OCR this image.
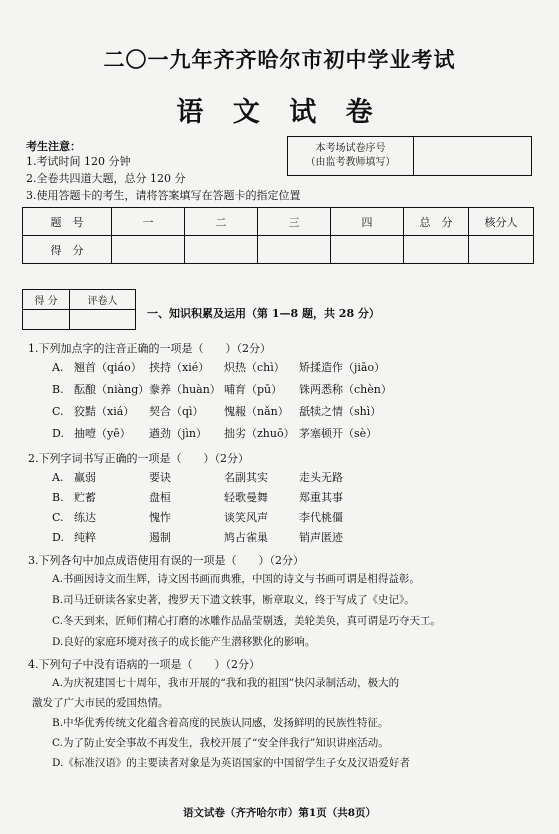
二〇一九年齐齐哈尔市初中学业考试
语 文 试 卷
考生注意：
1.考试时间 120 分钟
2.全卷共四道大题，总分 120 分
3.使用答题卡的考生，请将答案填写在答题卡的指定位置
本考场试卷序号
（由监考教师填写）

题　号	一	二	三	四	总　分	核分人
得　分						
得 分	评卷人

一、知识积累及运用（第 1—8 题，共 28 分）
1.下列加点字的注音正确的一项是（　　）（2分）
A. 翘首（qiáo） 挟持（xié）	炽热（chì）	矫揉造作（jiāo）
B. 酝酿（niàng） 豢养（huàn） 哺育（pū）	铢两悉称（chèn）
C. 狡黠（xiá）	契合（qì）	愧赧（nǎn） 舐犊之情（shì）
D. 抽噎（yē）	遒劲（jìn）	拙劣（zhuō） 茅塞顿开（sè）
2.下列字词书写正确的一项是（　　）（2分）
A. 羸弱	要诀	名副其实	走头无路
B. 贮蓄	盘桓	轻歌曼舞	郑重其事
C. 练达	愧怍	谈笑风声	李代桃僵
D. 纯粹	遏制	鸠占雀巢	销声匿迹
3.下列各句中加点成语使用有误的一项是（　　）（2分）
A.书画因诗文而生辉，诗文因书画而典雅，中国的诗文与书画可谓是相得益彰。
B.司马迁研读各家史著，搜罗天下遗文轶事，断章取义，终于写成了《史记》。
C.冬天到来，匠师们精心打磨的冰雕作品晶莹剔透，美轮美奂，真可谓是巧夺天工。
D.良好的家庭环境对孩子的成长能产生潜移默化的影响。
4.下列句子中没有语病的一项是（　　）（2分）
A.为庆祝建国七十周年，我市开展的“我和我的祖国”快闪录制活动，极大的
激发了广大市民的爱国热情。
B.中华优秀传统文化蕴含着高度的民族认同感，发扬鲜明的民族性特征。
C.为了防止安全事故不再发生，我校开展了“安全伴我行”知识讲座活动。
D.《标准汉语》的主要读者对象是为英语国家的中国留学生子女及汉语爱好者
语文试卷（齐齐哈尔市）第1页（共8页）
